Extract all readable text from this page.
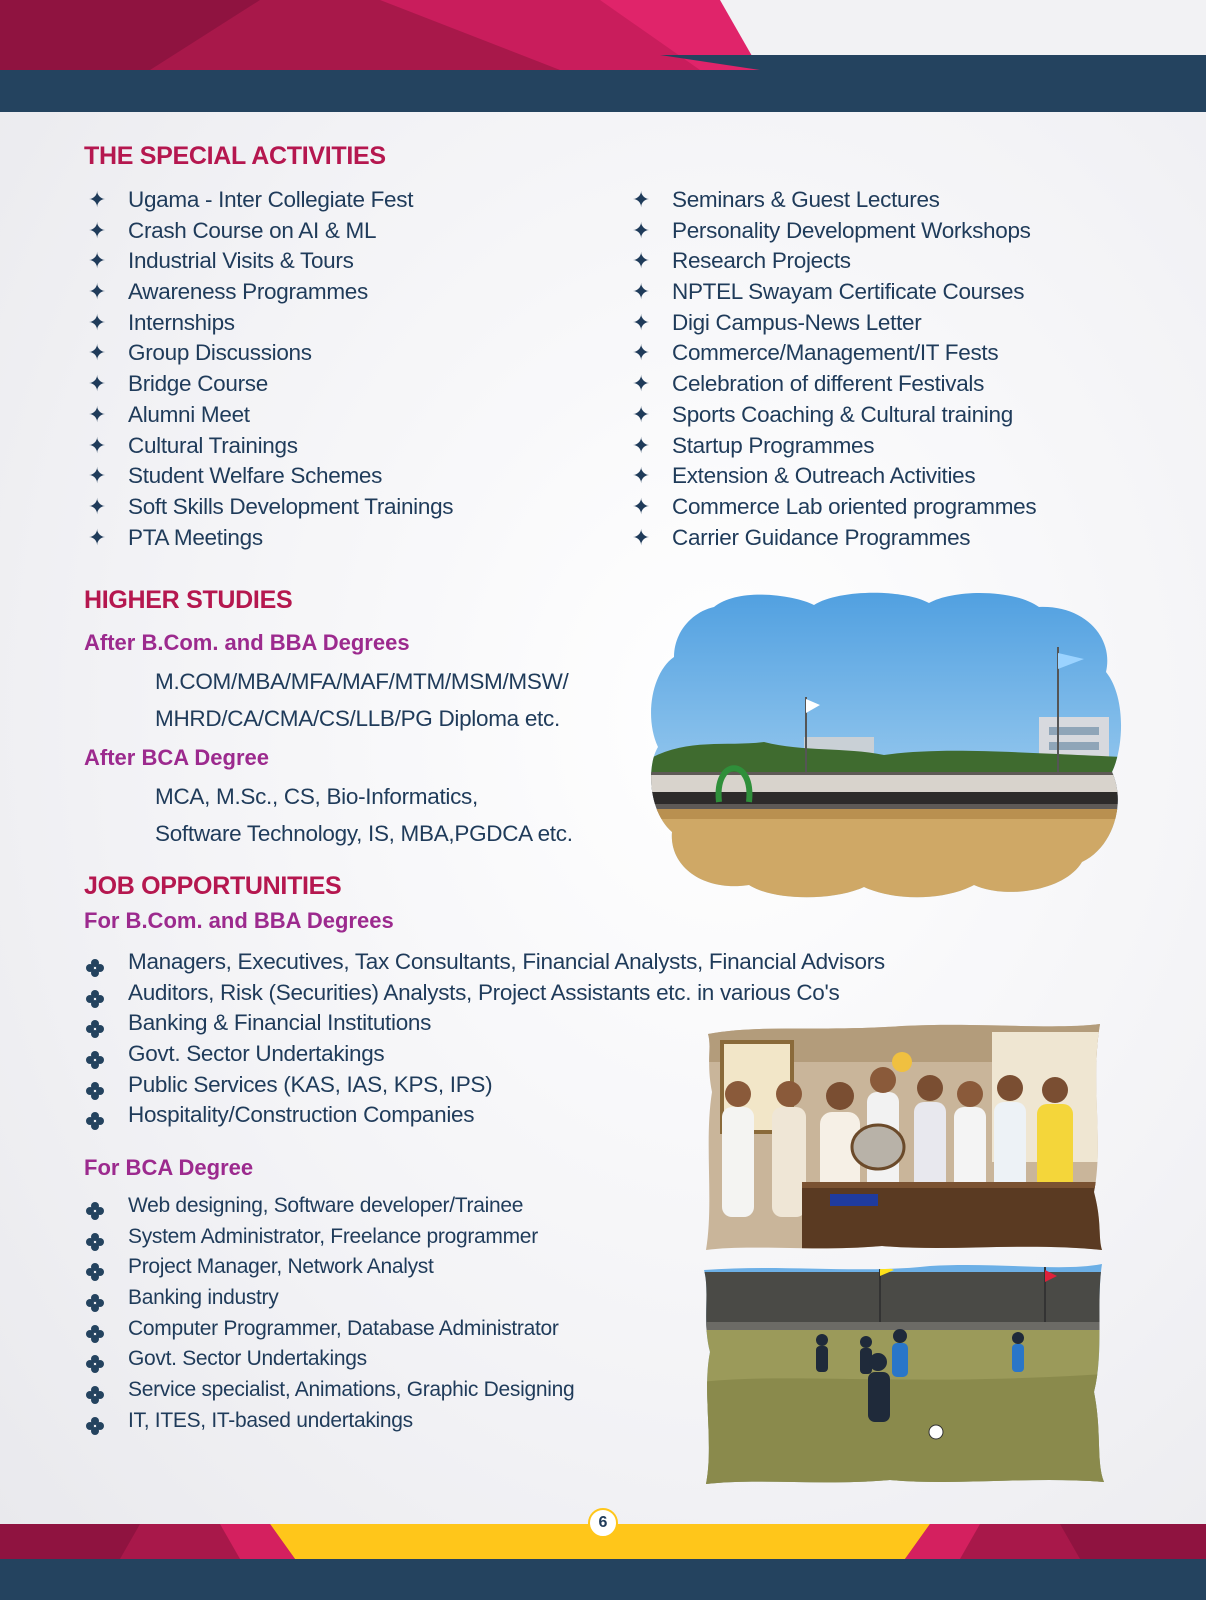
THE SPECIAL ACTIVITIES
✦ Ugama - Inter Collegiate Fest
✦ Crash Course on AI & ML
✦ Industrial Visits & Tours
✦ Awareness Programmes
✦ Internships
✦ Group Discussions
✦ Bridge Course
✦ Alumni Meet
✦ Cultural Trainings
✦ Student Welfare Schemes
✦ Soft Skills Development Trainings
✦ PTA Meetings
✦ Seminars & Guest Lectures
✦ Personality Development Workshops
✦ Research Projects
✦ NPTEL Swayam Certificate Courses
✦ Digi Campus-News Letter
✦ Commerce/Management/IT Fests
✦ Celebration of different Festivals
✦ Sports Coaching & Cultural training
✦ Startup Programmes
✦ Extension & Outreach Activities
✦ Commerce Lab oriented programmes
✦ Carrier Guidance Programmes
HIGHER STUDIES
After B.Com. and BBA Degrees
M.COM/MBA/MFA/MAF/MTM/MSM/MSW/
MHRD/CA/CMA/CS/LLB/PG Diploma etc.
After BCA Degree
MCA, M.Sc., CS, Bio-Informatics,
Software Technology, IS, MBA,PGDCA etc.
JOB OPPORTUNITIES
For B.Com. and BBA Degrees
Managers, Executives, Tax Consultants, Financial Analysts, Financial Advisors
Auditors, Risk (Securities) Analysts, Project Assistants etc. in various Co's
Banking & Financial Institutions
Govt. Sector Undertakings
Public Services (KAS, IAS, KPS, IPS)
Hospitality/Construction Companies
For BCA Degree
Web designing, Software developer/Trainee
System Administrator, Freelance programmer
Project Manager, Network Analyst
Banking industry
Computer Programmer, Database Administrator
Govt. Sector Undertakings
Service specialist, Animations, Graphic Designing
IT, ITES, IT-based undertakings
6
